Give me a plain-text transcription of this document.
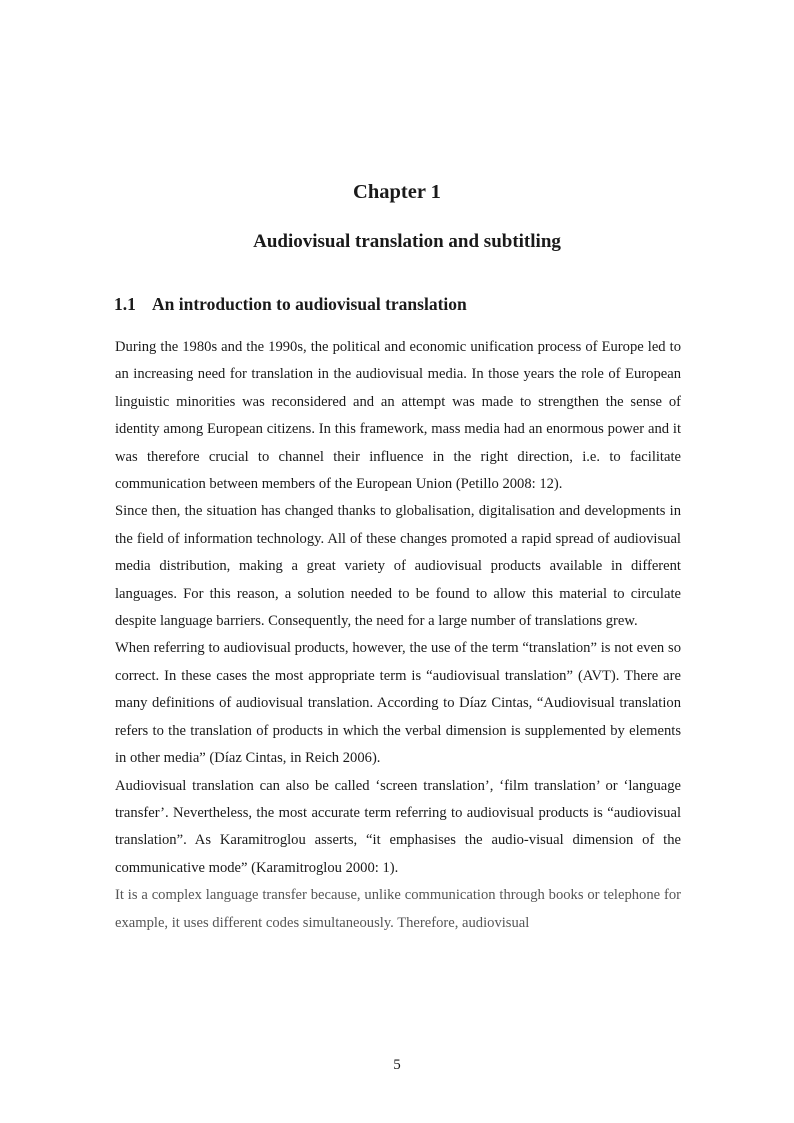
Chapter 1
Audiovisual translation and subtitling
1.1 An introduction to audiovisual translation

During the 1980s and the 1990s, the political and economic unification process of Europe led to an increasing need for translation in the audiovisual media. In those years the role of European linguistic minorities was reconsidered and an attempt was made to strengthen the sense of identity among European citizens. In this framework, mass media had an enormous power and it was therefore crucial to channel their influence in the right direction, i.e. to facilitate communication between members of the European Union (Petillo 2008: 12).

Since then, the situation has changed thanks to globalisation, digitalisation and developments in the field of information technology. All of these changes promoted a rapid spread of audiovisual media distribution, making a great variety of audiovisual products available in different languages. For this reason, a solution needed to be found to allow this material to circulate despite language barriers. Consequently, the need for a large number of translations grew.

When referring to audiovisual products, however, the use of the term “translation” is not even so correct. In these cases the most appropriate term is “audiovisual translation” (AVT). There are many definitions of audiovisual translation. According to Díaz Cintas, “Audiovisual translation refers to the translation of products in which the verbal dimension is supplemented by elements in other media” (Díaz Cintas, in Reich 2006).

Audiovisual translation can also be called ‘screen translation’, ‘film translation’ or ‘language transfer’. Nevertheless, the most accurate term referring to audiovisual products is “audiovisual translation”. As Karamitroglou asserts, “it emphasises the audio-visual dimension of the communicative mode” (Karamitroglou 2000: 1).

It is a complex language transfer because, unlike communication through books or telephone for example, it uses different codes simultaneously. Therefore, audiovisual

5
